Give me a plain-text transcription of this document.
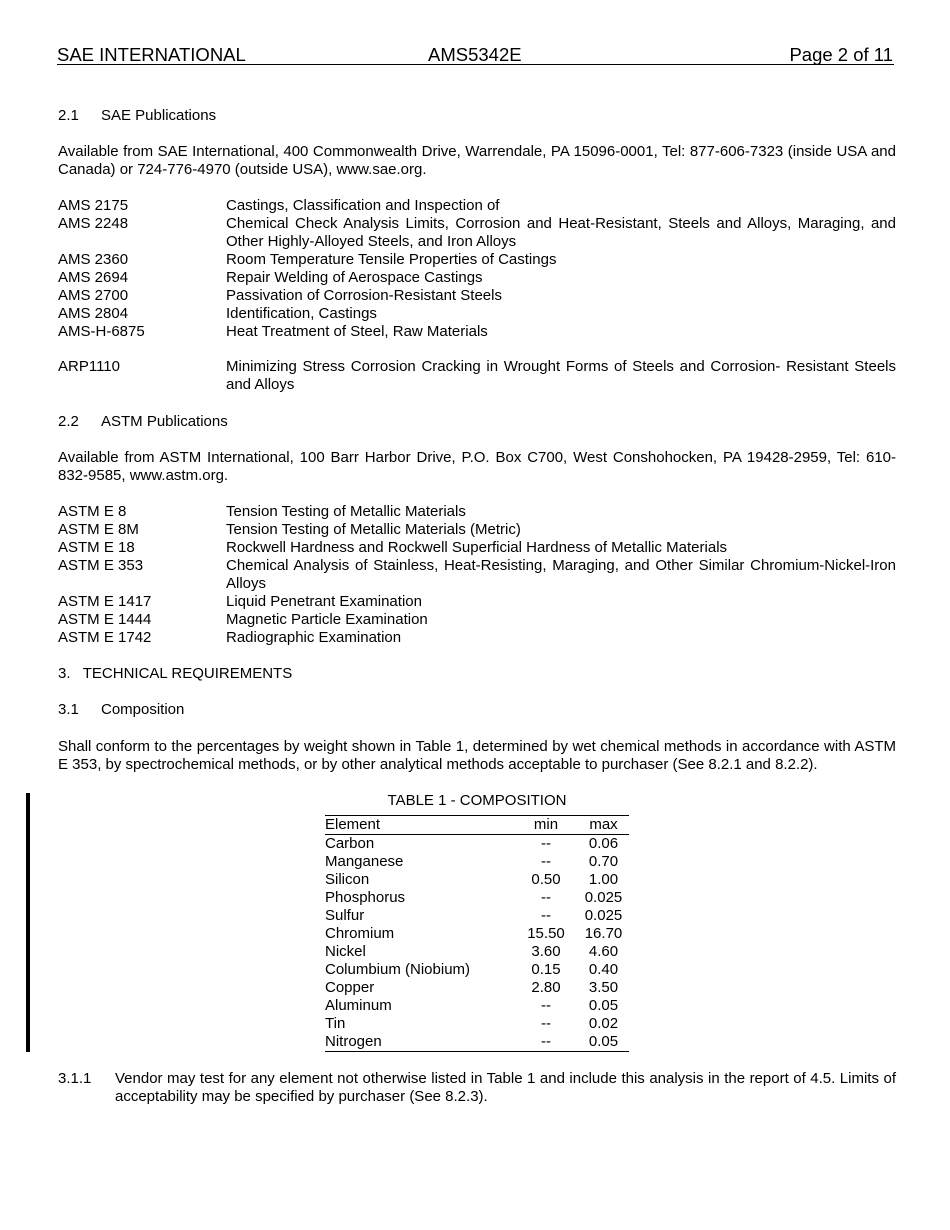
SAE INTERNATIONAL	AMS5342E	Page 2 of 11
2.1 SAE Publications
Available from SAE International, 400 Commonwealth Drive, Warrendale, PA 15096-0001, Tel: 877-606-7323 (inside USA and Canada) or 724-776-4970 (outside USA), www.sae.org.
AMS 2175	Castings, Classification and Inspection of
AMS 2248	Chemical Check Analysis Limits, Corrosion and Heat-Resistant, Steels and Alloys, Maraging, and Other Highly-Alloyed Steels, and Iron Alloys
AMS 2360	Room Temperature Tensile Properties of Castings
AMS 2694	Repair Welding of Aerospace Castings
AMS 2700	Passivation of Corrosion-Resistant Steels
AMS 2804	Identification, Castings
AMS-H-6875	Heat Treatment of Steel, Raw Materials
ARP1110	Minimizing Stress Corrosion Cracking in Wrought Forms of Steels and Corrosion- Resistant Steels and Alloys
2.2 ASTM Publications
Available from ASTM International, 100 Barr Harbor Drive, P.O. Box C700, West Conshohocken, PA 19428-2959, Tel: 610-832-9585, www.astm.org.
ASTM E 8	Tension Testing of Metallic Materials
ASTM E 8M	Tension Testing of Metallic Materials (Metric)
ASTM E 18	Rockwell Hardness and Rockwell Superficial Hardness of Metallic Materials
ASTM E 353	Chemical Analysis of Stainless, Heat-Resisting, Maraging, and Other Similar Chromium-Nickel-Iron Alloys
ASTM E 1417	Liquid Penetrant Examination
ASTM E 1444	Magnetic Particle Examination
ASTM E 1742	Radiographic Examination
3.   TECHNICAL REQUIREMENTS
3.1 Composition
Shall conform to the percentages by weight shown in Table 1, determined by wet chemical methods in accordance with ASTM E 353, by spectrochemical methods, or by other analytical methods acceptable to purchaser (See 8.2.1 and 8.2.2).
TABLE 1 - COMPOSITION
Element	min	max
Carbon	--	0.06
Manganese	--	0.70
Silicon	0.50	1.00
Phosphorus	--	0.025
Sulfur	--	0.025
Chromium	15.50	16.70
Nickel	3.60	4.60
Columbium (Niobium)	0.15	0.40
Copper	2.80	3.50
Aluminum	--	0.05
Tin	--	0.02
Nitrogen	--	0.05
3.1.1 Vendor may test for any element not otherwise listed in Table 1 and include this analysis in the report of 4.5. Limits of acceptability may be specified by purchaser (See 8.2.3).
